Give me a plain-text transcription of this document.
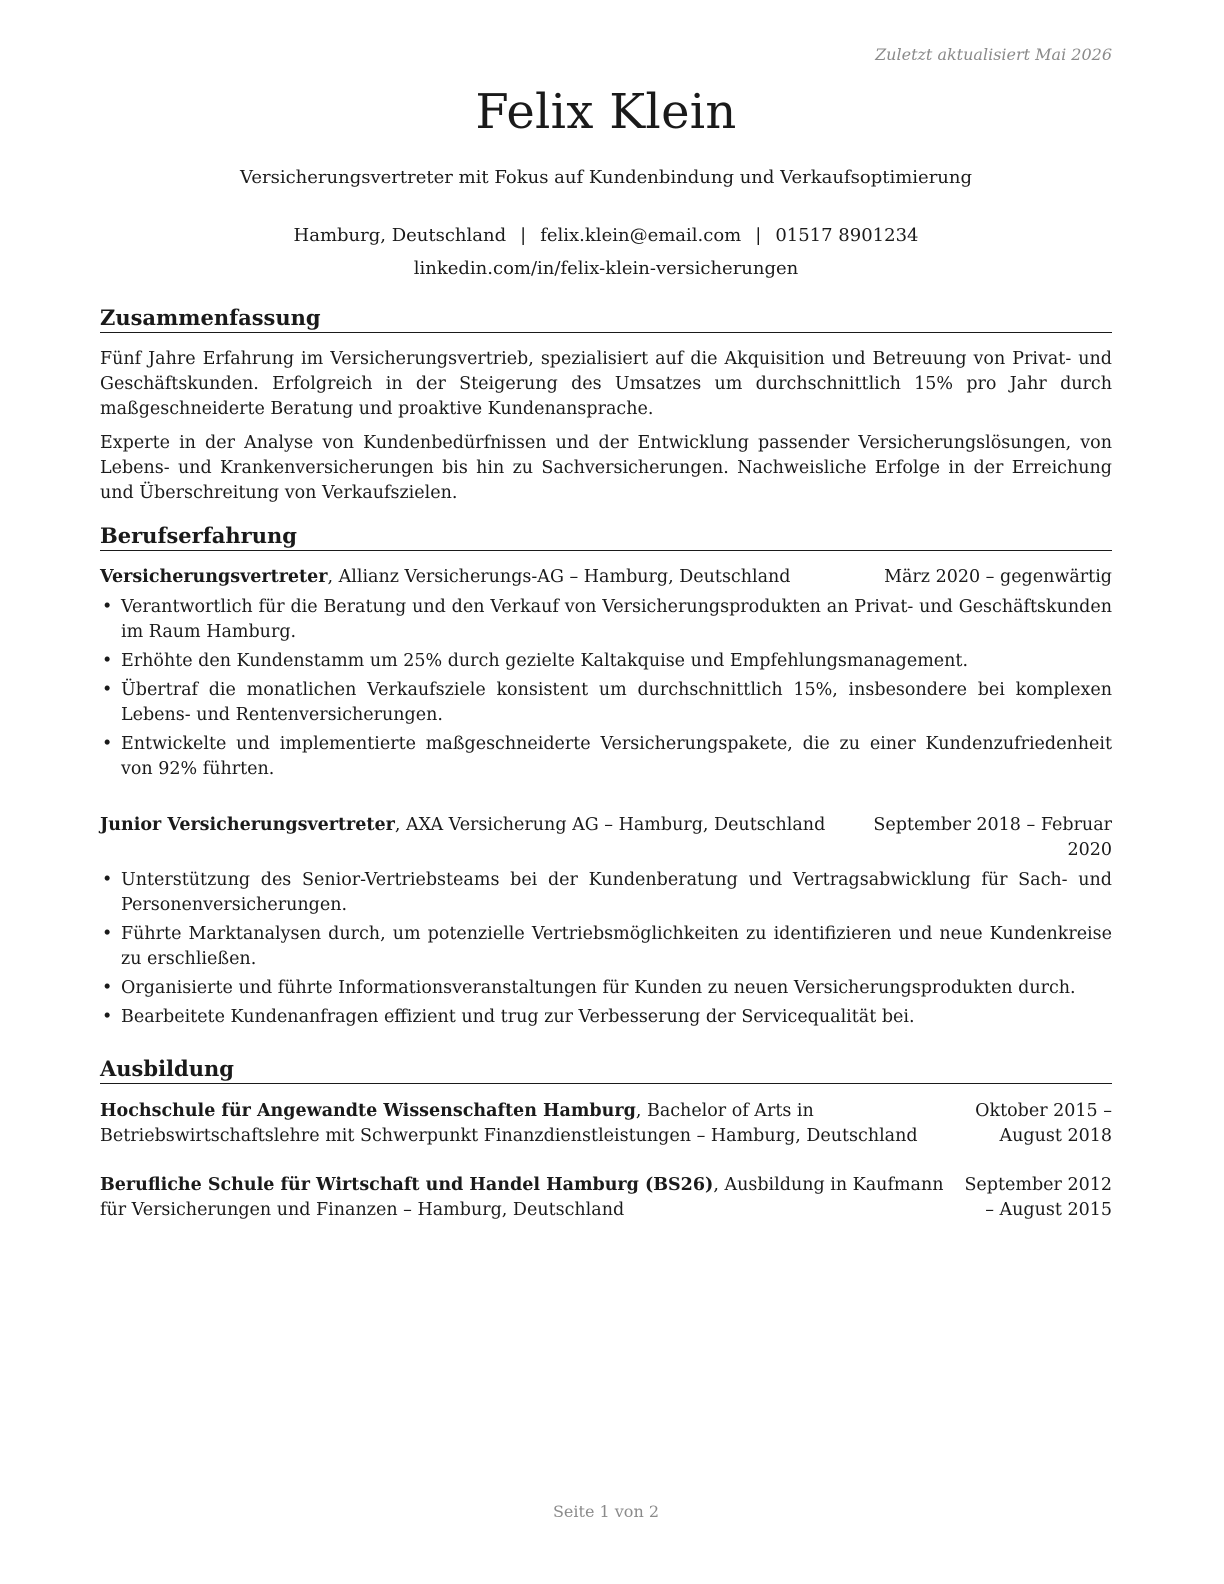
Zuletzt aktualisiert Mai 2026
Felix Klein
Versicherungsvertreter mit Fokus auf Kundenbindung und Verkaufsoptimierung
Hamburg, Deutschland | felix.klein@email.com | 01517 8901234
linkedin.com/in/felix-klein-versicherungen
Zusammenfassung
Fünf Jahre Erfahrung im Versicherungsvertrieb, spezialisiert auf die Akquisition und Betreuung von Privat- und Geschäftskunden. Erfolgreich in der Steigerung des Umsatzes um durchschnittlich 15% pro Jahr durch maßgeschneiderte Beratung und proaktive Kundenansprache.
Experte in der Analyse von Kundenbedürfnissen und der Entwicklung passender Versicherungslösungen, von Lebens- und Krankenversicherungen bis hin zu Sachversicherungen. Nachweisliche Erfolge in der Erreichung und Überschreitung von Verkaufszielen.
Berufserfahrung
Versicherungsvertreter, Allianz Versicherungs-AG – Hamburg, Deutschland	März 2020 – gegenwärtig
• Verantwortlich für die Beratung und den Verkauf von Versicherungsprodukten an Privat- und Geschäftskunden im Raum Hamburg.
• Erhöhte den Kundenstamm um 25% durch gezielte Kaltakquise und Empfehlungsmanagement.
• Übertraf die monatlichen Verkaufsziele konsistent um durchschnittlich 15%, insbesondere bei komplexen Lebens- und Rentenversicherungen.
• Entwickelte und implementierte maßgeschneiderte Versicherungspakete, die zu einer Kundenzufriedenheit von 92% führten.
Junior Versicherungsvertreter, AXA Versicherung AG – Hamburg, Deutschland	September 2018 – Februar 2020
• Unterstützung des Senior-Vertriebsteams bei der Kundenberatung und Vertragsabwicklung für Sach- und Personenversicherungen.
• Führte Marktanalysen durch, um potenzielle Vertriebsmöglichkeiten zu identifizieren und neue Kundenkreise zu erschließen.
• Organisierte und führte Informationsveranstaltungen für Kunden zu neuen Versicherungsprodukten durch.
• Bearbeitete Kundenanfragen effizient und trug zur Verbesserung der Servicequalität bei.
Ausbildung
Hochschule für Angewandte Wissenschaften Hamburg, Bachelor of Arts in Betriebswirtschaftslehre mit Schwerpunkt Finanzdienstleistungen – Hamburg, Deutschland
Oktober 2015 – August 2018
Berufliche Schule für Wirtschaft und Handel Hamburg (BS26), Ausbildung in Kaufmann für Versicherungen und Finanzen – Hamburg, Deutschland
September 2012 – August 2015
Seite 1 von 2
